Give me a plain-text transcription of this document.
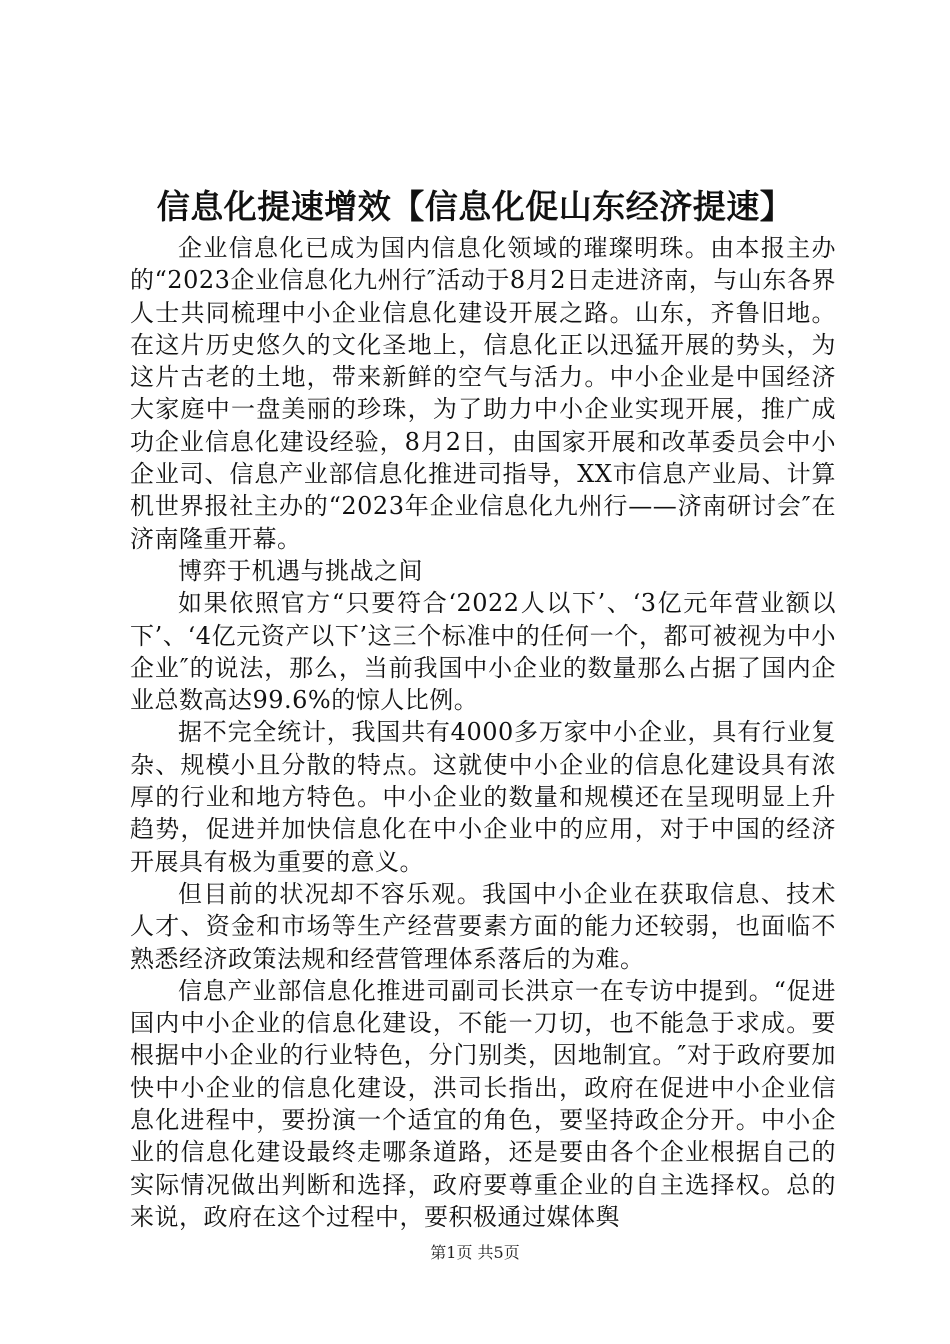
信息化提速增效【信息化促山东经济提速】

企业信息化已成为国内信息化领域的璀璨明珠。由本报主办的“2023企业信息化九州行″活动于8月2日走进济南，与山东各界人士共同梳理中小企业信息化建设开展之路。山东，齐鲁旧地。在这片历史悠久的文化圣地上，信息化正以迅猛开展的势头，为这片古老的土地，带来新鲜的空气与活力。中小企业是中国经济大家庭中一盘美丽的珍珠，为了助力中小企业实现开展，推广成功企业信息化建设经验，8月2日，由国家开展和改革委员会中小企业司、信息产业部信息化推进司指导，XX市信息产业局、计算机世界报社主办的“2023年企业信息化九州行——济南研讨会″在济南隆重开幕。

博弈于机遇与挑战之间

如果依照官方“只要符合‘2022人以下’、‘3亿元年营业额以下’、‘4亿元资产以下’这三个标准中的任何一个，都可被视为中小企业″的说法，那么，当前我国中小企业的数量那么占据了国内企业总数高达99.6%的惊人比例。

据不完全统计，我国共有4000多万家中小企业，具有行业复杂、规模小且分散的特点。这就使中小企业的信息化建设具有浓厚的行业和地方特色。中小企业的数量和规模还在呈现明显上升趋势，促进并加快信息化在中小企业中的应用，对于中国的经济开展具有极为重要的意义。

但目前的状况却不容乐观。我国中小企业在获取信息、技术人才、资金和市场等生产经营要素方面的能力还较弱，也面临不熟悉经济政策法规和经营管理体系落后的为难。

信息产业部信息化推进司副司长洪京一在专访中提到。“促进国内中小企业的信息化建设，不能一刀切，也不能急于求成。要根据中小企业的行业特色，分门别类，因地制宜。″对于政府要加快中小企业的信息化建设，洪司长指出，政府在促进中小企业信息化进程中，要扮演一个适宜的角色，要坚持政企分开。中小企业的信息化建设最终走哪条道路，还是要由各个企业根据自己的实际情况做出判断和选择，政府要尊重企业的自主选择权。总的来说，政府在这个过程中，要积极通过媒体舆

第1页 共5页
